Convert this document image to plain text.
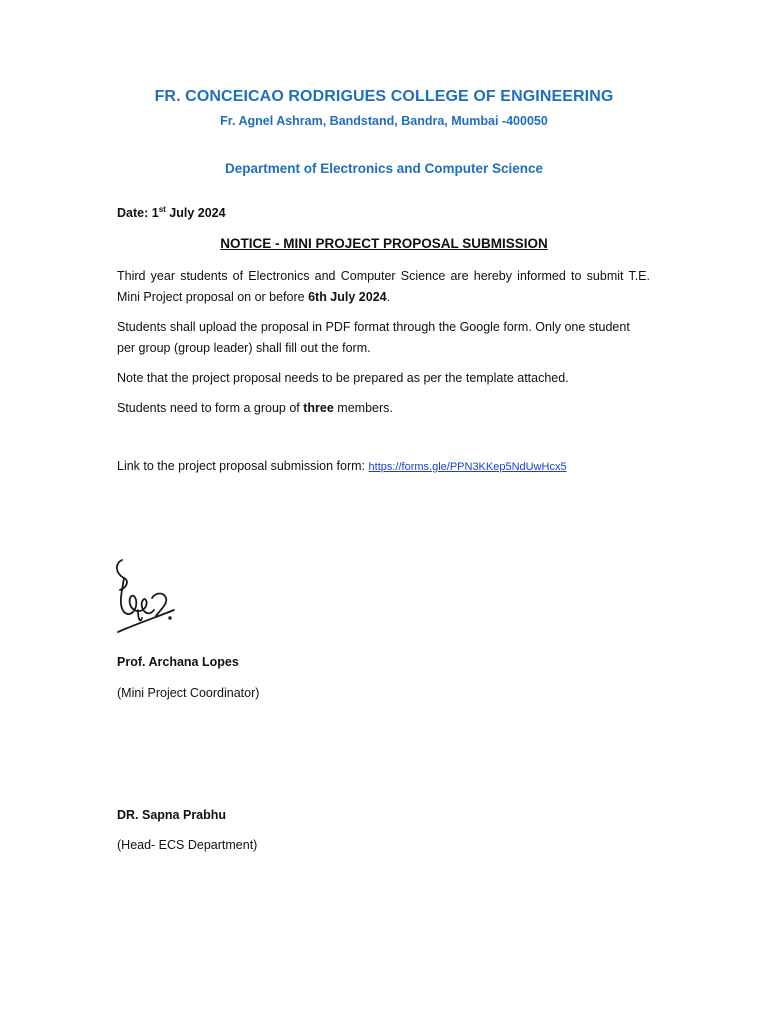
FR. CONCEICAO RODRIGUES COLLEGE OF ENGINEERING
Fr. Agnel Ashram, Bandstand, Bandra, Mumbai -400050
Department of Electronics and Computer Science
Date: 1st July 2024
NOTICE - MINI PROJECT PROPOSAL SUBMISSION
Third year students of Electronics and Computer Science are hereby informed to submit T.E. Mini Project proposal on or before 6th July 2024.
Students shall upload the proposal in PDF format through the Google form. Only one student per group (group leader) shall fill out the form.
Note that the project proposal needs to be prepared as per the template attached.
Students need to form a group of three members.
Link to the project proposal submission form: https://forms.gle/PPN3KKep5NdUwHcx5
Prof. Archana Lopes
(Mini Project Coordinator)
DR. Sapna Prabhu
(Head- ECS Department)
